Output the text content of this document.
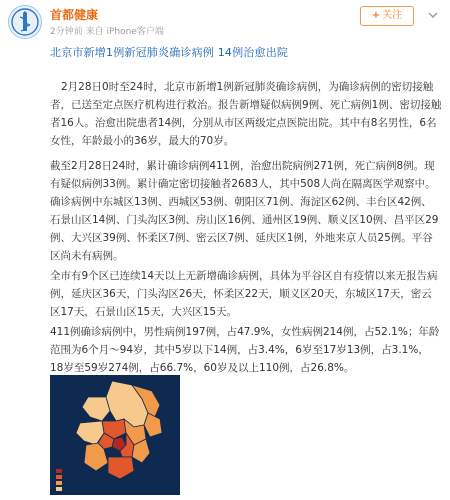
首都健康
2分钟前 来自 iPhone客户端
+ 关注
北京市新增1例新冠肺炎确诊病例 14例治愈出院

2月28日0时至24时，北京市新增1例新冠肺炎确诊病例，为确诊病例的密切接触者，已送至定点医疗机构进行救治。报告新增疑似病例9例、死亡病例1例、密切接触者16人。治愈出院患者14例，分别从市区两级定点医院出院。其中有8名男性，6名女性，年龄最小的36岁，最大的70岁。

截至2月28日24时，累计确诊病例411例，治愈出院病例271例，死亡病例8例。现有疑似病例33例。累计确定密切接触者2683人，其中508人尚在隔离医学观察中。确诊病例中东城区13例、西城区53例、朝阳区71例、海淀区62例、丰台区42例、石景山区14例、门头沟区3例、房山区16例、通州区19例、顺义区10例、昌平区29例、大兴区39例、怀柔区7例、密云区7例、延庆区1例，外地来京人员25例。平谷区尚未有病例。

全市有9个区已连续14天以上无新增确诊病例，具体为平谷区自有疫情以来无报告病例，延庆区36天，门头沟区26天，怀柔区22天，顺义区20天，东城区17天，密云区17天，石景山区15天，大兴区15天。

411例确诊病例中，男性病例197例，占47.9%，女性病例214例，占52.1%；年龄范围为6个月～94岁，其中5岁以下14例，占3.4%，6岁至17岁13例，占3.1%，18岁至59岁274例，占66.7%，60岁及以上110例，占26.8%。
